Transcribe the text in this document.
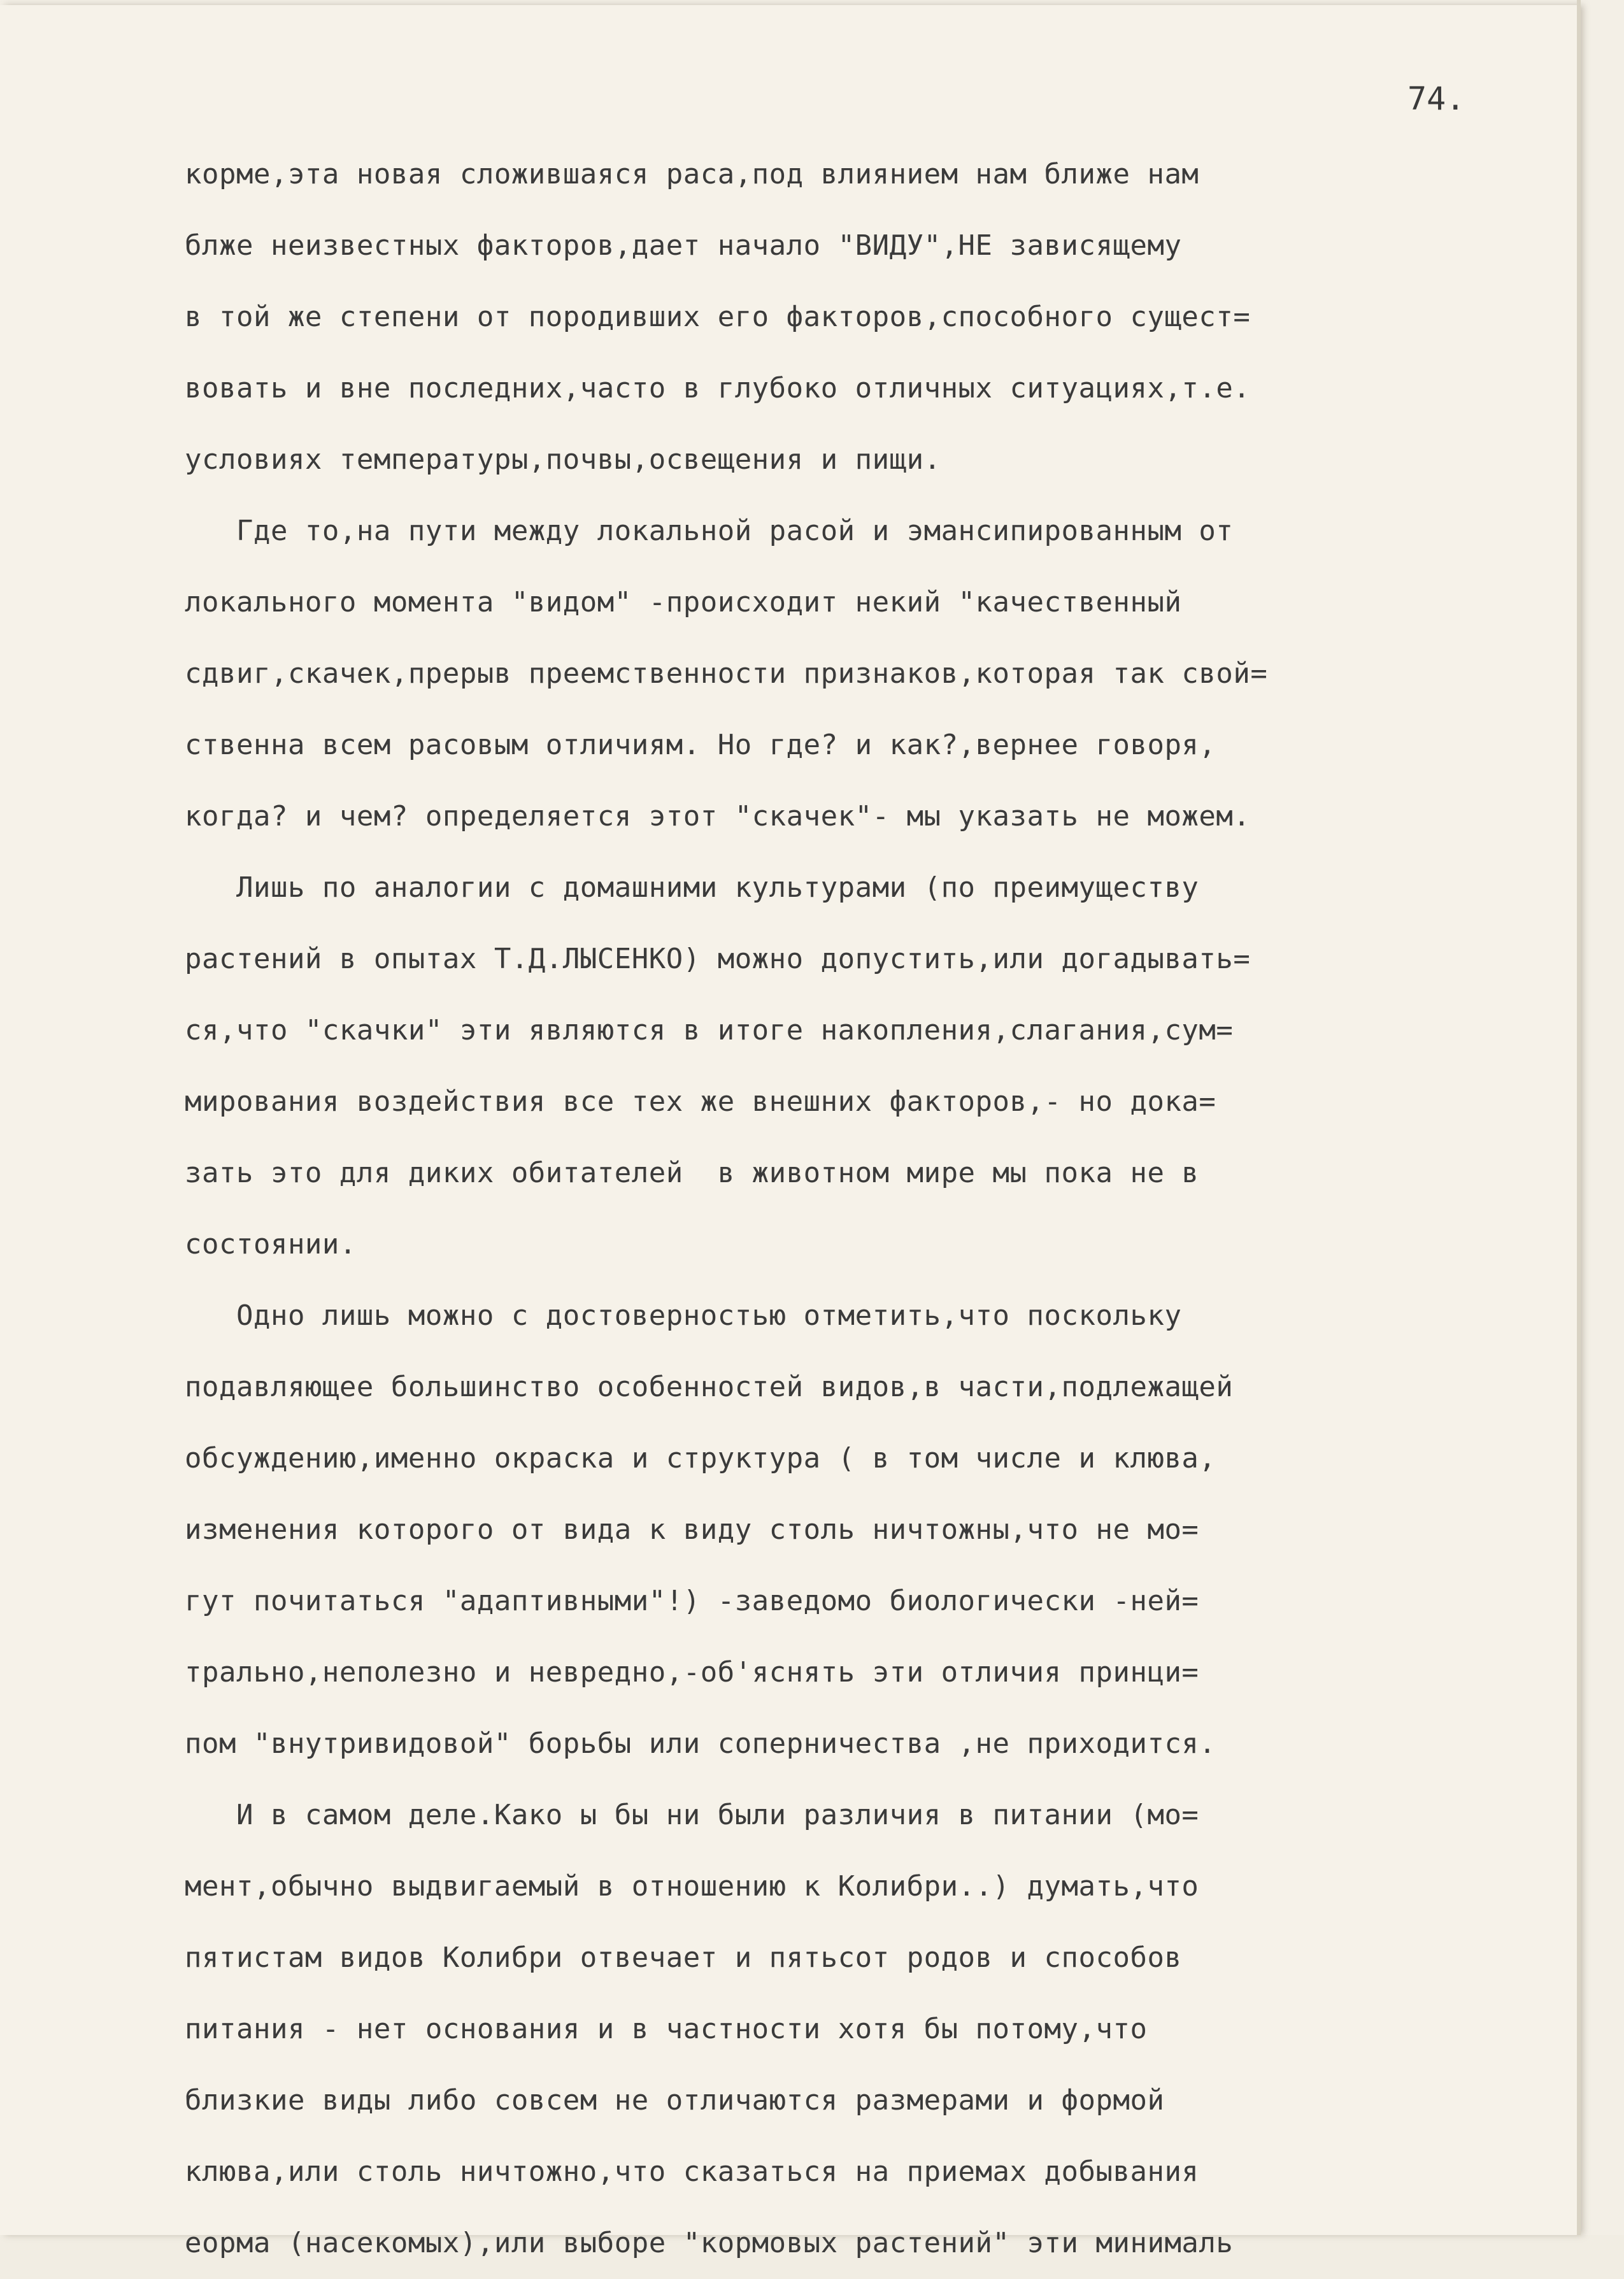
74.
корме,эта новая сложившаяся раса,под влиянием нам ближе нам
блже неизвестных факторов,дает начало "ВИДУ",НЕ зависящему
в той же степени от породивших его факторов,способного сущест=
вовать и вне последних,часто в глубоко отличных ситуациях,т.е.
условиях температуры,почвы,освещения и пищи.
Где то,на пути между локальной расой и эмансипированным от
локального момента "видом" -происходит некий "качественный
сдвиг,скачек,прерыв преемственности признаков,которая так свой=
ственна всем расовым отличиям. Но где? и как?,вернее говоря,
когда? и чем? определяется этот "скачек"- мы указать не можем.
Лишь по аналогии с домашними культурами (по преимуществу
растений в опытах Т.Д.ЛЫСЕНКО) можно допустить,или догадывать=
ся,что "скачки" эти являются в итоге накопления,слагания,сум=
мирования воздействия все тех же внешних факторов,- но дока=
зать это для диких обитателей  в животном мире мы пока не в
состоянии.
Одно лишь можно с достоверностью отметить,что поскольку
подавляющее большинство особенностей видов,в части,подлежащей
обсуждению,именно окраска и структура ( в том числе и клюва,
изменения которого от вида к виду столь ничтожны,что не мо=
гут почитаться "адаптивными"!) -заведомо биологически -ней=
трально,неполезно и невредно,-об'яснять эти отличия принци=
пом "внутривидовой" борьбы или соперничества ,не приходится.
И в самом деле.Како ы бы ни были различия в питании (мо=
мент,обычно выдвигаемый в отношению к Колибри..) думать,что
пятистам видов Колибри отвечает и пятьсот родов и способов
питания - нет основания и в частности хотя бы потому,что
близкие виды либо совсем не отличаются размерами и формой
клюва,или столь ничтожно,что сказаться на приемах добывания
еорма (насекомых),или выборе "кормовых растений" эти минималь
